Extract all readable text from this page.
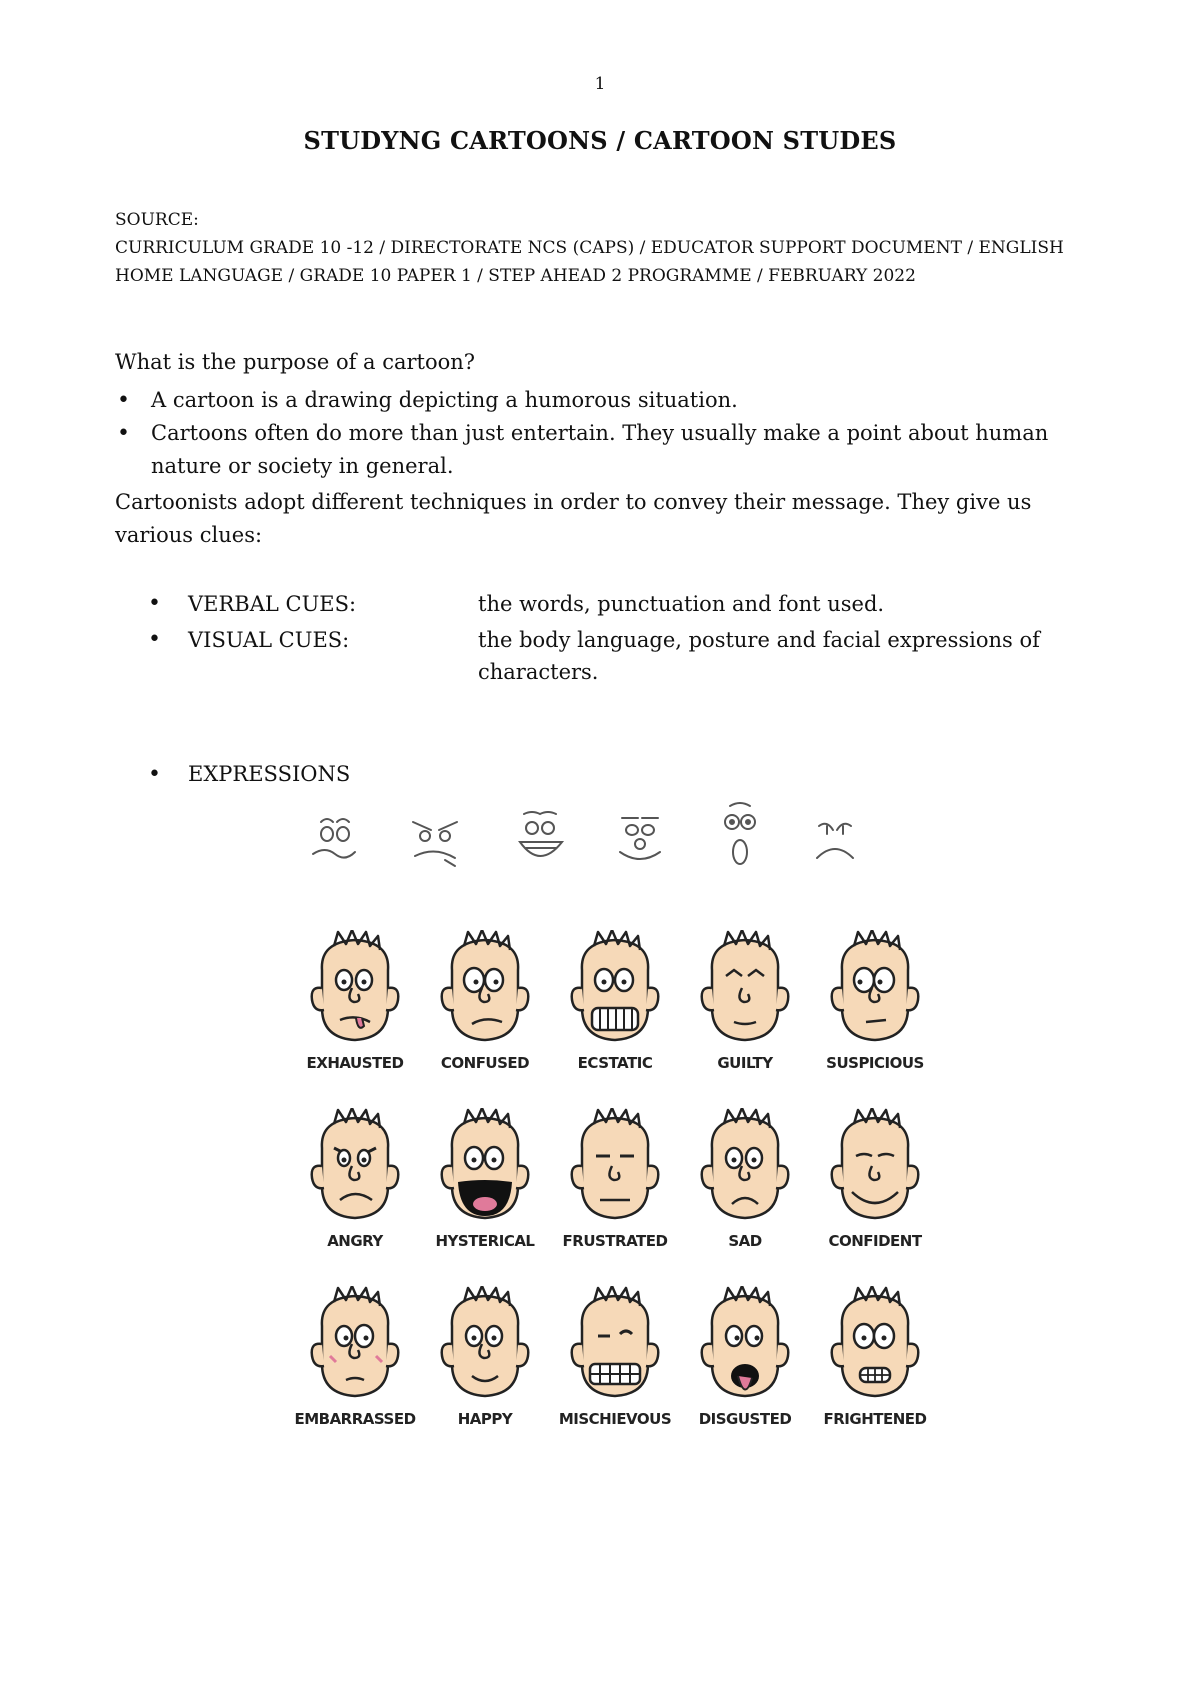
1
STUDYNG CARTOONS / CARTOON STUDES
SOURCE:
CURRICULUM GRADE 10 -12 / DIRECTORATE NCS (CAPS) / EDUCATOR SUPPORT DOCUMENT / ENGLISH HOME LANGUAGE / GRADE 10 PAPER 1 / STEP AHEAD 2 PROGRAMME / FEBRUARY 2022
What is the purpose of a cartoon?
• A cartoon is a drawing depicting a humorous situation.
• Cartoons often do more than just entertain. They usually make a point about human nature or society in general.
Cartoonists adopt different techniques in order to convey their message. They give us various clues:
•	VERBAL CUES:	the words, punctuation and font used.
•	VISUAL CUES:	the body language, posture and facial expressions of characters.
•	EXPRESSIONS
EXHAUSTED	CONFUSED	ECSTATIC	GUILTY	SUSPICIOUS
ANGRY	HYSTERICAL	FRUSTRATED	SAD	CONFIDENT
EMBARRASSED	HAPPY	MISCHIEVOUS	DISGUSTED	FRIGHTENED
